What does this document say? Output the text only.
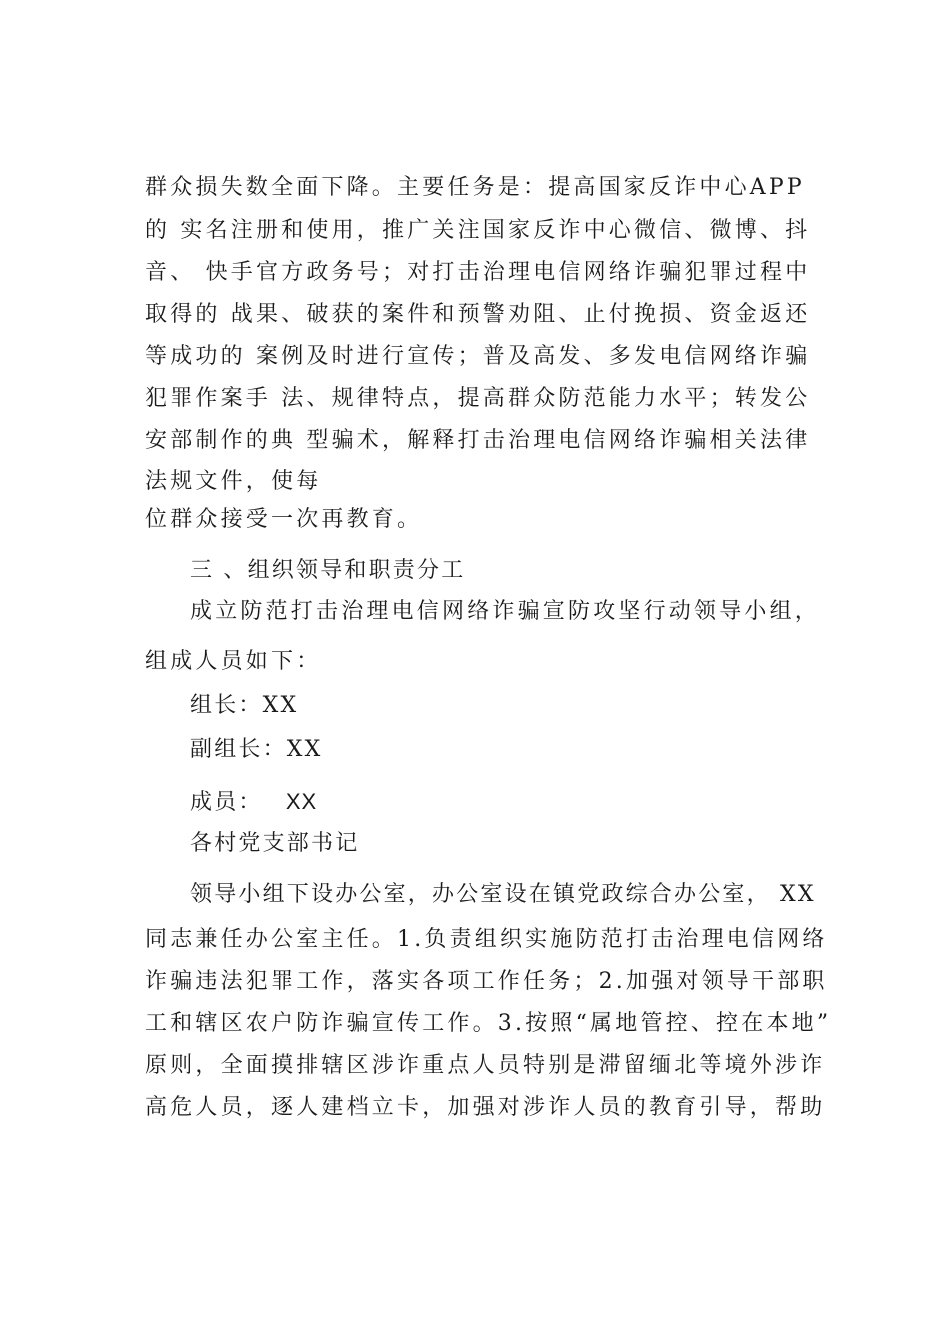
群众损失数全面下降。主要任务是：提高国家反诈中心APP
的 实名注册和使用，推广关注国家反诈中心微信、微博、抖
音、 快手官方政务号；对打击治理电信网络诈骗犯罪过程中
取得的 战果、破获的案件和预警劝阻、止付挽损、资金返还
等成功的 案例及时进行宣传；普及高发、多发电信网络诈骗
犯罪作案手 法、规律特点，提高群众防范能力水平；转发公
安部制作的典 型骗术，解释打击治理电信网络诈骗相关法律
法规文件，使每
位群众接受一次再教育。
三 、组织领导和职责分工
成立防范打击治理电信网络诈骗宣防攻坚行动领导小组，
组成人员如下：
组长：XX
副组长：XX
成员： XX
各村党支部书记
领导小组下设办公室，办公室设在镇党政综合办公室， XX
同志兼任办公室主任。1.负责组织实施防范打击治理电信网络
诈骗违法犯罪工作，落实各项工作任务；2.加强对领导干部职
工和辖区农户防诈骗宣传工作。3.按照“属地管控、控在本地”
原则，全面摸排辖区涉诈重点人员特别是滞留缅北等境外涉诈
高危人员，逐人建档立卡，加强对涉诈人员的教育引导，帮助
